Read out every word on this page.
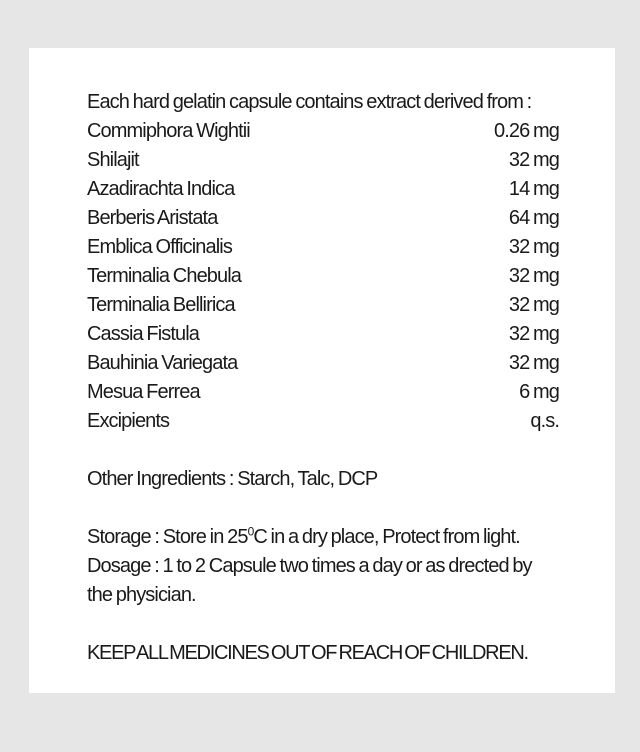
Each hard gelatin capsule contains extract derived from :
Commiphora Wightii	0.26 mg
Shilajit	32 mg
Azadirachta Indica	14 mg
Berberis Aristata	64 mg
Emblica Officinalis	32 mg
Terminalia Chebula	32 mg
Terminalia Bellirica	32 mg
Cassia Fistula	32 mg
Bauhinia Variegata	32 mg
Mesua Ferrea	6 mg
Excipients	q.s.
Other Ingredients : Starch, Talc, DCP
Storage : Store in $25^0C$ in a dry place, Protect from light.
Dosage : 1 to 2 Capsule two times a day or as drected by the physician.
KEEP ALL MEDICINES OUT OF REACH OF CHILDREN.
